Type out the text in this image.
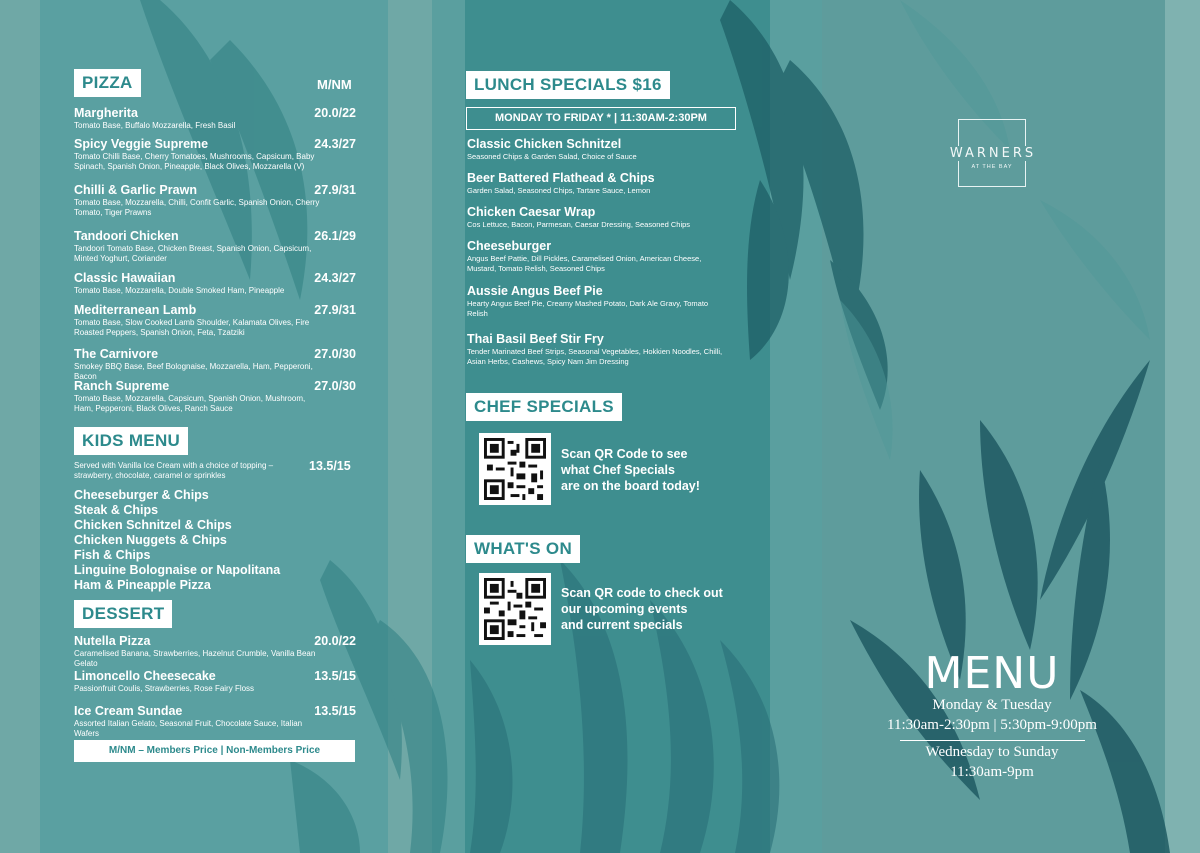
PIZZA	M/NM
Margherita	20.0/22
Tomato Base, Buffalo Mozzarella, Fresh Basil
Spicy Veggie Supreme	24.3/27
Tomato Chilli Base, Cherry Tomatoes, Mushrooms, Capsicum, Baby Spinach, Spanish Onion, Pineapple, Black Olives, Mozzarella (V)
Chilli & Garlic Prawn	27.9/31
Tomato Base, Mozzarella, Chilli, Confit Garlic, Spanish Onion, Cherry Tomato, Tiger Prawns
Tandoori Chicken	26.1/29
Tandoori Tomato Base, Chicken Breast, Spanish Onion, Capsicum, Minted Yoghurt, Coriander
Classic Hawaiian	24.3/27
Tomato Base, Mozzarella, Double Smoked Ham, Pineapple
Mediterranean Lamb	27.9/31
Tomato Base, Slow Cooked Lamb Shoulder, Kalamata Olives, Fire Roasted Peppers, Spanish Onion, Feta, Tzatziki
The Carnivore	27.0/30
Smokey BBQ Base, Beef Bolognaise, Mozzarella, Ham, Pepperoni, Bacon
Ranch Supreme	27.0/30
Tomato Base, Mozzarella, Capsicum, Spanish Onion, Mushroom, Ham, Pepperoni, Black Olives, Ranch Sauce
KIDS MENU
Served with Vanilla Ice Cream with a choice of topping – strawberry, chocolate, caramel or sprinkles
13.5/15
Cheeseburger & Chips
Steak & Chips
Chicken Schnitzel & Chips
Chicken Nuggets & Chips
Fish & Chips
Linguine Bolognaise or Napolitana
Ham & Pineapple Pizza
DESSERT
Nutella Pizza	20.0/22
Caramelised Banana, Strawberries, Hazelnut Crumble, Vanilla Bean Gelato
Limoncello Cheesecake	13.5/15
Passionfruit Coulis, Strawberries, Rose Fairy Floss
Ice Cream Sundae	13.5/15
Assorted Italian Gelato, Seasonal Fruit, Chocolate Sauce, Italian Wafers
M/NM – Members Price | Non-Members Price
LUNCH SPECIALS $16
MONDAY TO FRIDAY * | 11:30AM-2:30PM
Classic Chicken Schnitzel
Seasoned Chips & Garden Salad, Choice of Sauce
Beer Battered Flathead & Chips
Garden Salad, Seasoned Chips, Tartare Sauce, Lemon
Chicken Caesar Wrap
Cos Lettuce, Bacon, Parmesan, Caesar Dressing, Seasoned Chips
Cheeseburger
Angus Beef Pattie, Dill Pickles, Caramelised Onion, American Cheese, Mustard, Tomato Relish, Seasoned Chips
Aussie Angus Beef Pie
Hearty Angus Beef Pie, Creamy Mashed Potato, Dark Ale Gravy, Tomato Relish
Thai Basil Beef Stir Fry
Tender Marinated Beef Strips, Seasonal Vegetables, Hokkien Noodles, Chilli, Asian Herbs, Cashews, Spicy Nam Jim Dressing
CHEF SPECIALS
Scan QR Code to see
what Chef Specials
are on the board today!
WHAT'S ON
Scan QR code to check out
our upcoming events
and current specials
WARNERS
AT THE BAY
MENU
Monday & Tuesday
11:30am-2:30pm | 5:30pm-9:00pm
Wednesday to Sunday
11:30am-9pm
